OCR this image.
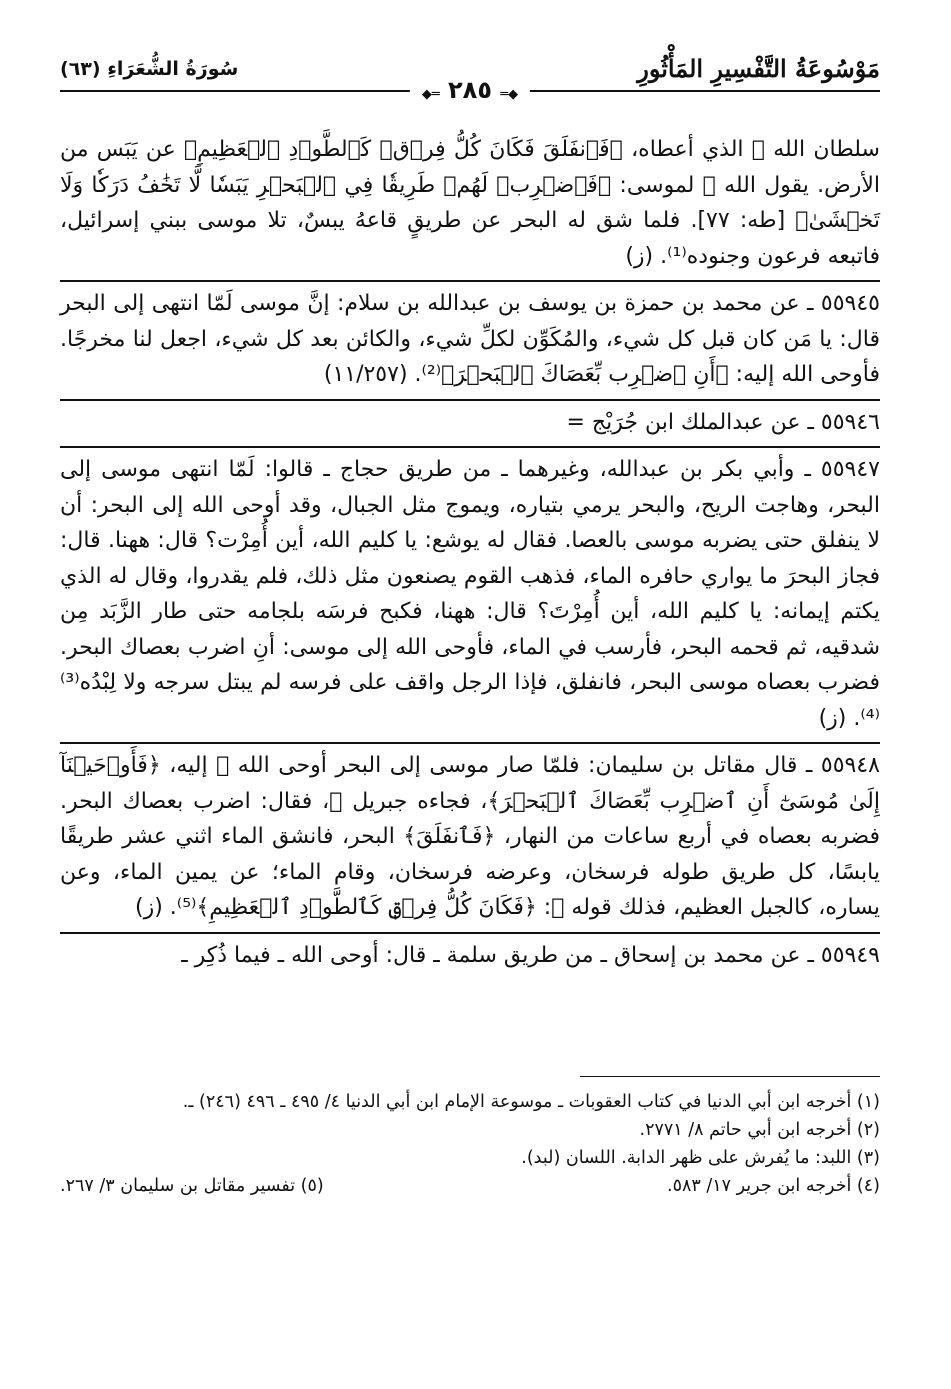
مَوْسُوعَةُ التَّفْسِيرِ المَأْثُورِ
سُورَةُ الشُّعَرَاءِ (٦٣)
◆═ ٢٨٥ ═◆

سلطان الله ﷻ الذي أعطاه، ﴿فَٱنفَلَقَ فَكَانَ كُلُّ فِرۡقٖ كَٱلطَّوۡدِ ٱلۡعَظِيمِ﴾ عن يَبَس من الأرض. يقول الله ﷻ لموسى: ﴿فَٱضۡرِبۡ لَهُمۡ طَرِيقٗا فِي ٱلۡبَحۡرِ يَبَسٗا لَّا تَخَٰفُ دَرَكٗا وَلَا تَخۡشَىٰ﴾ [طه: ٧٧]. فلما شق له البحر عن طريقٍ قاعهُ يبسٌ، تلا موسى ببني إسرائيل، فاتبعه فرعون وجنوده⁽¹⁾. (ز)

٥٥٩٤٥ ـ عن محمد بن حمزة بن يوسف بن عبدالله بن سلام: إنَّ موسى لَمّا انتهى إلى البحر قال: يا مَن كان قبل كل شيء، والمُكَوِّن لكلِّ شيء، والكائن بعد كل شيء، اجعل لنا مخرجًا. فأوحى الله إليه: ﴿أَنِ ٱضۡرِب بِّعَصَاكَ ٱلۡبَحۡرَ﴾⁽²⁾. (١١/٢٥٧)

٥٥٩٤٦ ـ عن عبدالملك ابن جُرَيْج =

٥٥٩٤٧ ـ وأبي بكر بن عبدالله، وغيرهما ـ من طريق حجاج ـ قالوا: لَمّا انتهى موسى إلى البحر، وهاجت الريح، والبحر يرمي بتياره، ويموج مثل الجبال، وقد أوحى الله إلى البحر: أن لا ينفلق حتى يضربه موسى بالعصا. فقال له يوشع: يا كليم الله، أين أُمِرْت؟ قال: ههنا. قال: فجاز البحرَ ما يواري حافره الماء، فذهب القوم يصنعون مثل ذلك، فلم يقدروا، وقال له الذي يكتم إيمانه: يا كليم الله، أين أُمِرْتَ؟ قال: ههنا، فكبح فرسَه بلجامه حتى طار الزَّبَد مِن شدقيه، ثم قحمه البحر، فأرسب في الماء، فأوحى الله إلى موسى: أنِ اضرب بعصاك البحر. فضرب بعصاه موسى البحر، فانفلق، فإذا الرجل واقف على فرسه لم يبتل سرجه ولا لِبْدُه⁽³⁾⁽⁴⁾. (ز)

٥٥٩٤٨ ـ قال مقاتل بن سليمان: فلمّا صار موسى إلى البحر أوحى الله ﷻ إليه، ﴿فَأَوۡحَيۡنَآ إِلَىٰ مُوسَىٰٓ أَنِ ٱضۡرِب بِّعَصَاكَ ٱلۡبَحۡرَ﴾، فجاءه جبريل ﵇، فقال: اضرب بعصاك البحر. فضربه بعصاه في أربع ساعات من النهار، ﴿فَٱنفَلَقَ﴾ البحر، فانشق الماء اثني عشر طريقًا يابسًا، كل طريق طوله فرسخان، وعرضه فرسخان، وقام الماء؛ عن يمين الماء، وعن يساره، كالجبل العظيم، فذلك قوله ﷻ: ﴿فَكَانَ كُلُّ فِرۡقٖ كَٱلطَّوۡدِ ٱلۡعَظِيمِ﴾⁽⁵⁾. (ز)

٥٥٩٤٩ ـ عن محمد بن إسحاق ـ من طريق سلمة ـ قال: أوحى الله ـ فيما ذُكِر ـ

(١) أخرجه ابن أبي الدنيا في كتاب العقوبات ـ موسوعة الإمام ابن أبي الدنيا ٤/ ٤٩٥ ـ ٤٩٦ (٢٤٦) ـ.

(٢) أخرجه ابن أبي حاتم ٨/ ٢٧٧١.

(٣) اللبد: ما يُفرش على ظهر الدابة. اللسان (لبد).

(٤) أخرجه ابن جرير ١٧/ ٥٨٣.
(٥) تفسير مقاتل بن سليمان ٣/ ٢٦٧.
